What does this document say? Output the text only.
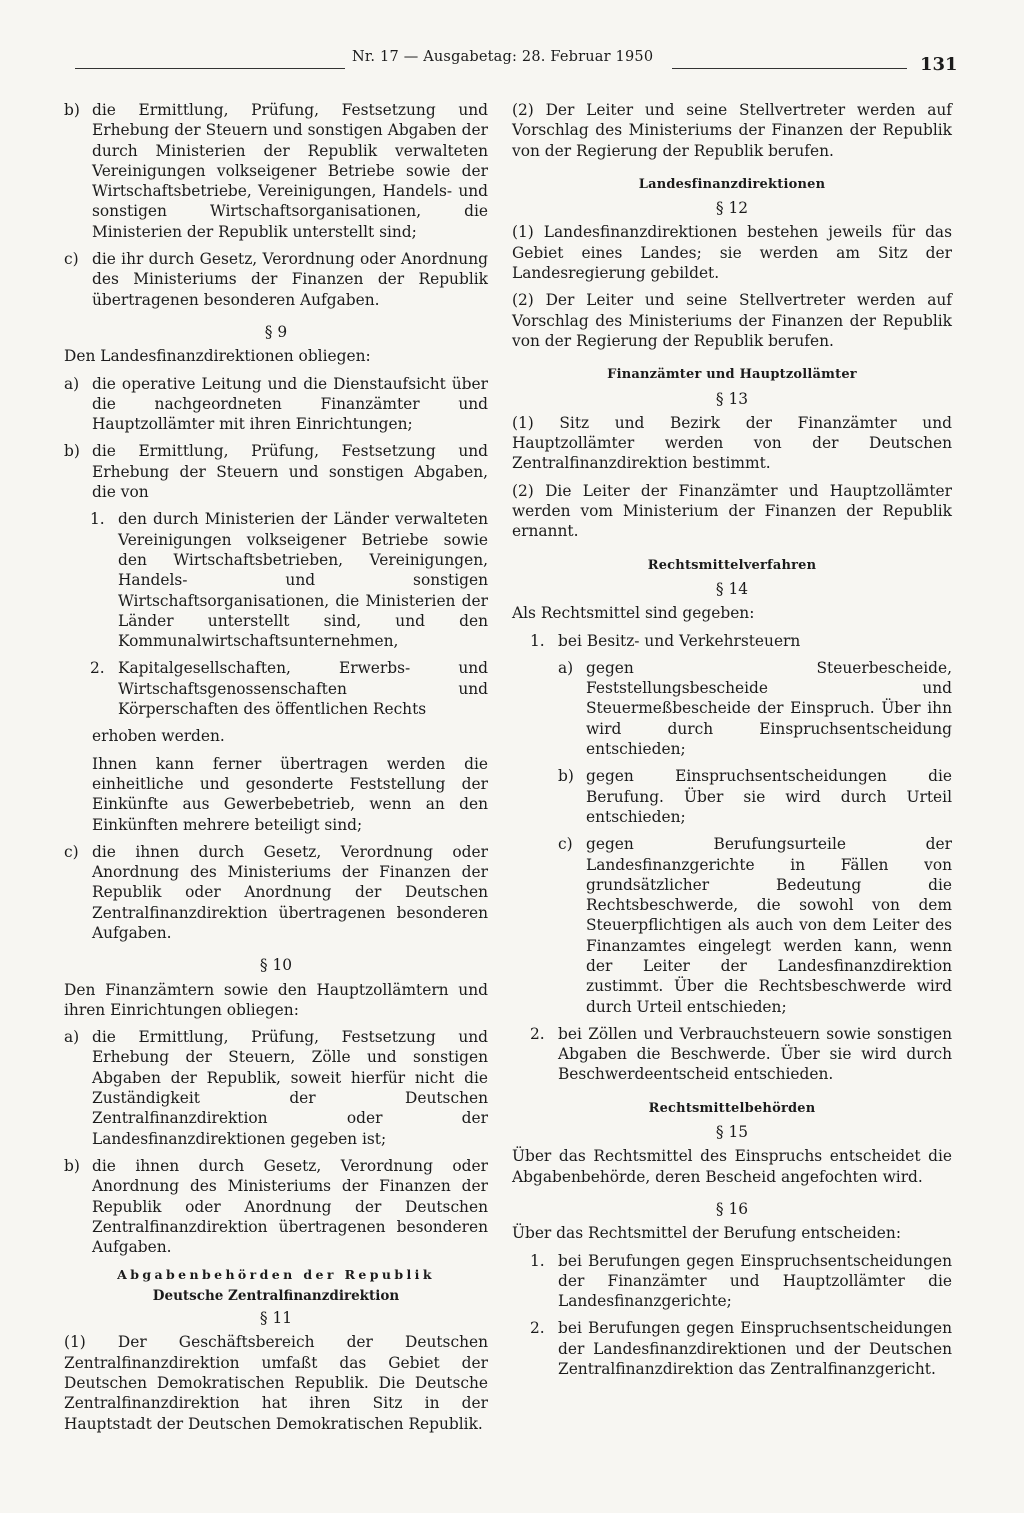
Nr. 17 — Ausgabetag: 28. Februar 1950	131
b) die Ermittlung, Prüfung, Festsetzung und Erhebung der Steuern und sonstigen Abgaben der durch Ministerien der Republik verwalteten Vereinigungen volkseigener Betriebe sowie der Wirtschaftsbetriebe, Vereinigungen, Handels- und sonstigen Wirtschaftsorganisationen, die Ministerien der Republik unterstellt sind;
c) die ihr durch Gesetz, Verordnung oder Anordnung des Ministeriums der Finanzen der Republik übertragenen besonderen Aufgaben.
§ 9

Den Landesfinanzdirektionen obliegen:

a) die operative Leitung und die Dienstaufsicht über die nachgeordneten Finanzämter und Hauptzollämter mit ihren Einrichtungen;
b) die Ermittlung, Prüfung, Festsetzung und Erhebung der Steuern und sonstigen Abgaben, die von
1. den durch Ministerien der Länder verwalteten Vereinigungen volkseigener Betriebe sowie den Wirtschaftsbetrieben, Vereinigungen, Handels- und sonstigen Wirtschaftsorganisationen, die Ministerien der Länder unterstellt sind, und den Kommunalwirtschaftsunternehmen,
2. Kapitalgesellschaften, Erwerbs- und Wirtschaftsgenossenschaften und Körperschaften des öffentlichen Rechts

erhoben werden.

Ihnen kann ferner übertragen werden die einheitliche und gesonderte Feststellung der Einkünfte aus Gewerbebetrieb, wenn an den Einkünften mehrere beteiligt sind;

c) die ihnen durch Gesetz, Verordnung oder Anordnung des Ministeriums der Finanzen der Republik oder Anordnung der Deutschen Zentralfinanzdirektion übertragenen besonderen Aufgaben.
§ 10

Den Finanzämtern sowie den Hauptzollämtern und ihren Einrichtungen obliegen:

a) die Ermittlung, Prüfung, Festsetzung und Erhebung der Steuern, Zölle und sonstigen Abgaben der Republik, soweit hierfür nicht die Zuständigkeit der Deutschen Zentralfinanzdirektion oder der Landesfinanzdirektionen gegeben ist;
b) die ihnen durch Gesetz, Verordnung oder Anordnung des Ministeriums der Finanzen der Republik oder Anordnung der Deutschen Zentralfinanzdirektion übertragenen besonderen Aufgaben.
Abgabenbehörden der Republik
Deutsche Zentralfinanzdirektion
§ 11

(1) Der Geschäftsbereich der Deutschen Zentralfinanzdirektion umfaßt das Gebiet der Deutschen Demokratischen Republik. Die Deutsche Zentralfinanzdirektion hat ihren Sitz in der Hauptstadt der Deutschen Demokratischen Republik.

(2) Der Leiter und seine Stellvertreter werden auf Vorschlag des Ministeriums der Finanzen der Republik von der Regierung der Republik berufen.

Landesfinanzdirektionen
§ 12

(1) Landesfinanzdirektionen bestehen jeweils für das Gebiet eines Landes; sie werden am Sitz der Landesregierung gebildet.

(2) Der Leiter und seine Stellvertreter werden auf Vorschlag des Ministeriums der Finanzen der Republik von der Regierung der Republik berufen.

Finanzämter und Hauptzollämter
§ 13

(1) Sitz und Bezirk der Finanzämter und Hauptzollämter werden von der Deutschen Zentralfinanzdirektion bestimmt.

(2) Die Leiter der Finanzämter und Hauptzollämter werden vom Ministerium der Finanzen der Republik ernannt.

Rechtsmittelverfahren
§ 14

Als Rechtsmittel sind gegeben:

1. bei Besitz- und Verkehrsteuern
a) gegen Steuerbescheide, Feststellungsbescheide und Steuermeßbescheide der Einspruch. Über ihn wird durch Einspruchsentscheidung entschieden;
b) gegen Einspruchsentscheidungen die Berufung. Über sie wird durch Urteil entschieden;
c) gegen Berufungsurteile der Landesfinanzgerichte in Fällen von grundsätzlicher Bedeutung die Rechtsbeschwerde, die sowohl von dem Steuerpflichtigen als auch von dem Leiter des Finanzamtes eingelegt werden kann, wenn der Leiter der Landesfinanzdirektion zustimmt. Über die Rechtsbeschwerde wird durch Urteil entschieden;
2. bei Zöllen und Verbrauchsteuern sowie sonstigen Abgaben die Beschwerde. Über sie wird durch Beschwerdeentscheid entschieden.
Rechtsmittelbehörden
§ 15

Über das Rechtsmittel des Einspruchs entscheidet die Abgabenbehörde, deren Bescheid angefochten wird.

§ 16

Über das Rechtsmittel der Berufung entscheiden:

1. bei Berufungen gegen Einspruchsentscheidungen der Finanzämter und Hauptzollämter die Landesfinanzgerichte;
2. bei Berufungen gegen Einspruchsentscheidungen der Landesfinanzdirektionen und der Deutschen Zentralfinanzdirektion das Zentralfinanzgericht.
